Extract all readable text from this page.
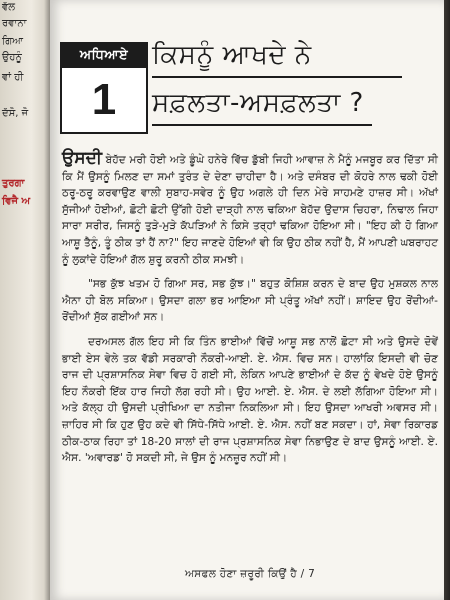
ਵੱਲ
ਰਵਾਨਾ
ਗਿਆ
ਉਹਨੂੰ
ਵਾਂ ਹੀ
ਦੱਸੋ, ਜੋ
ਤੁਰਗਾ
ਵਿਜੈ ਅ
ਅਧਿਆਏ
1
ਕਿਸਨੂੰ ਆਖਦੇ ਨੇ
ਸਫ਼ਲਤਾ-ਅਸਫ਼ਲਤਾ ?

ਉਸਦੀ ਬੇਹੱਦ ਮਰੀ ਹੋਈ ਅਤੇ ਡੂੰਘੇ ਹਨੇਰੇ ਵਿੱਚ ਡੁੱਬੀ ਜਿਹੀ ਆਵਾਜ਼ ਨੇ ਮੈਨੂੰ ਮਜਬੂਰ ਕਰ ਦਿੱਤਾ ਸੀ ਕਿ ਮੈਂ ਉਸਨੂੰ ਮਿਲਣ ਦਾ ਸਮਾਂ ਤੁਰੰਤ ਦੇ ਦੇਣਾ ਚਾਹੀਦਾ ਹੈ। ਅਤੇ ਦਸੰਬਰ ਦੀ ਕੋਹਰੇ ਨਾਲ ਢਕੀ ਹੋਈ ਠਰੂ-ਠਰੂ ਕਰਵਾਉਣ ਵਾਲੀ ਸੁਬਾਹ-ਸਵੇਰ ਨੂੰ ਉਹ ਅਗਲੇ ਹੀ ਦਿਨ ਮੇਰੇ ਸਾਹਮਣੇ ਹਾਜ਼ਰ ਸੀ। ਅੱਖਾਂ ਸੁੱਜੀਆਂ ਹੋਈਆਂ, ਛੋਟੀ ਛੋਟੀ ਉੱਗੀ ਹੋਈ ਦਾੜ੍ਹੀ ਨਾਲ ਢਕਿਆ ਬੇਹੱਦ ਉਦਾਸ ਚਿਹਰਾ, ਨਿਢਾਲ ਜਿਹਾ ਸਾਰਾ ਸਰੀਰ, ਜਿਸਨੂੰ ਤੁੜੇ-ਮੁੜੇ ਕੱਪੜਿਆਂ ਨੇ ਕਿਸੇ ਤਰ੍ਹਾਂ ਢਕਿਆ ਹੋਇਆ ਸੀ। "ਇਹ ਕੀ ਹੋ ਗਿਆ ਆਸ਼ੂ ਤੈਨੂੰ, ਤੂੰ ਠੀਕ ਤਾਂ ਹੈਂ ਨਾ?" ਇਹ ਜਾਣਦੇ ਹੋਇਆਂ ਵੀ ਕਿ ਉਹ ਠੀਕ ਨਹੀਂ ਹੈ, ਮੈਂ ਆਪਣੀ ਘਬਰਾਹਟ ਨੂੰ ਲੁਕਾਂਦੇ ਹੋਇਆਂ ਗੱਲ ਸ਼ੁਰੂ ਕਰਨੀ ਠੀਕ ਸਮਝੀ।

"ਸਭ ਕੁੱਝ ਖਤਮ ਹੋ ਗਿਆ ਸਰ, ਸਭ ਕੁੱਝ।" ਬਹੁਤ ਕੋਸ਼ਿਸ਼ ਕਰਨ ਦੇ ਬਾਦ ਉਹ ਮੁਸ਼ਕਲ ਨਾਲ ਐਨਾ ਹੀ ਬੋਲ ਸਕਿਆ। ਉਸਦਾ ਗਲਾ ਭਰ ਆਇਆ ਸੀ ਪ੍ਰੰਤੂ ਅੱਖਾਂ ਨਹੀਂ। ਸ਼ਾਇਦ ਉਹ ਰੋਂਦੀਆਂ-ਰੋਂਦੀਆਂ ਸੁੱਕ ਗਈਆਂ ਸਨ।

ਦਰਅਸਲ ਗੱਲ ਇਹ ਸੀ ਕਿ ਤਿੰਨ ਭਾਈਆਂ ਵਿੱਚੋਂ ਆਸ਼ੂ ਸਭ ਨਾਲੋਂ ਛੋਟਾ ਸੀ ਅਤੇ ਉਸਦੇ ਦੋਵੇਂ ਭਾਈ ਏਸ ਵੇਲੇ ਤਕ ਵੱਡੀ ਸਰਕਾਰੀ ਨੌਕਰੀ-ਆਈ. ਏ. ਐਸ. ਵਿਚ ਸਨ। ਹਾਲਾਂਕਿ ਇਸਦੀ ਵੀ ਚੋਣ ਰਾਜ ਦੀ ਪ੍ਰਸ਼ਾਸਨਿਕ ਸੇਵਾ ਵਿਚ ਹੋ ਗਈ ਸੀ, ਲੇਕਿਨ ਆਪਣੇ ਭਾਈਆਂ ਦੇ ਕੱਦ ਨੂੰ ਵੇਖਦੇ ਹੋਏ ਉਸਨੂੰ ਇਹ ਨੌਕਰੀ ਇੱਕ ਹਾਰ ਜਿਹੀ ਲੱਗ ਰਹੀ ਸੀ। ਉਹ ਆਈ. ਏ. ਐਸ. ਦੇ ਲਈ ਲੱਗਿਆ ਹੋਇਆ ਸੀ। ਅਤੇ ਕੱਲ੍ਹ ਹੀ ਉਸਦੀ ਪ੍ਰੀਖਿਆ ਦਾ ਨਤੀਜਾ ਨਿਕਲਿਆ ਸੀ। ਇਹ ਉਸਦਾ ਆਖਰੀ ਅਵਸਰ ਸੀ। ਜ਼ਾਹਿਰ ਸੀ ਕਿ ਹੁਣ ਉਹ ਕਦੇ ਵੀ ਸਿੱਧੇ-ਸਿੱਧੇ ਆਈ. ਏ. ਐਸ. ਨਹੀਂ ਬਣ ਸਕਦਾ। ਹਾਂ, ਸੇਵਾ ਰਿਕਾਰਡ ਠੀਕ-ਠਾਕ ਰਿਹਾ ਤਾਂ 18-20 ਸਾਲਾਂ ਦੀ ਰਾਜ ਪ੍ਰਸ਼ਾਸਨਿਕ ਸੇਵਾ ਨਿਭਾਉਣ ਦੇ ਬਾਦ ਉਸਨੂੰ ਆਈ. ਏ. ਐਸ. 'ਅਵਾਰਡ' ਹੋ ਸਕਦੀ ਸੀ, ਜੇ ਉਸ ਨੂੰ ਮਨਜ਼ੂਰ ਨਹੀਂ ਸੀ।

ਅਸਫਲ ਹੋਣਾ ਜ਼ਰੂਰੀ ਕਿਉਂ ਹੈ / 7
